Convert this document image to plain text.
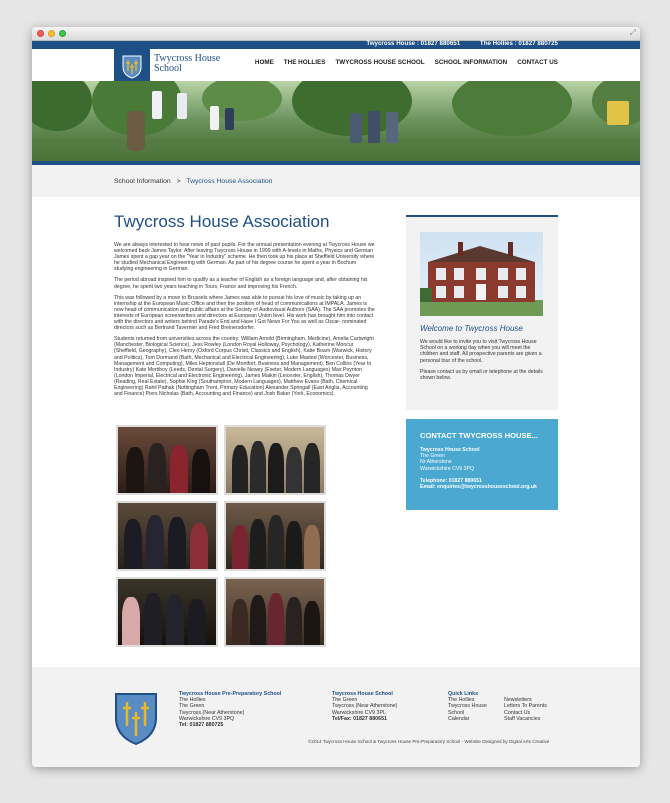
⤢
Twycross House : 01827 880651	The Hollies : 01827 880725
Twycross House
School
HOME THE HOLLIES TWYCROSS HOUSE SCHOOL SCHOOL INFORMATION CONTACT US
School Information > Twycross House Association
Twycross House Association

We are always interested to hear news of past pupils. For the annual presentation evening at Twycross House we welcomed back James Taylor. After leaving Twycross House in 1999 with A-levels in Maths, Physics and German James spent a gap year on the "Year in Industry" scheme. He then took up his place at Sheffield University where he studied Mechanical Engineering with German. As part of his degree course he spent a year in Bochum studying engineering in German.

The period abroad inspired him to qualify as a teacher of English as a foreign language and, after obtaining his degree, he spent two years teaching in Tours, France and improving his French.

This was followed by a move to Brussels where James was able to pursue his love of music by taking up an internship at the European Music Office and then the position of head of communications at IMPALA. James is now head of communication and public affairs at the Society of Audiovisual Authors (SAA). The SAA promotes the interests of European screenwriters and directors at European Union level. His work has brought him into contact with the directors and writers behind Parade's End and Have I Got News For You as well as Oscar- nominated directors such as Bertrand Tavernier and Fred Breinersdorfer.

Students returned from universities across the country; William Arnold (Birmingham, Medicine), Amelia Cartwright (Manchester, Biological Science), Jess Rowley (London Royal Holloway, Psychology), Katherine Moncur (Sheffield, Geography), Cleo Henry (Oxford Corpus Christi, Classics and English), Katie Boam (Warwick, History and Politics), Tom Dormand (Bath, Mechanical and Electrical Engineering), Luke Masted (Worcester, Business, Management and Computing), Miles Heptonstall (De Montfort, Business and Management), Ben Collins (Year In Industry) Kate Mortiboy (Leeds, Dental Surgery), Danielle Newey (Exeter, Modern Languages) Max Poynton (London Imperial, Electrical and Electronic Engineering), James Maikin (Leicester, English), Thomas Dwyer (Reading, Real Estate), Sophie King (Southampton, Modern Languages), Matthew Evans (Bath, Chemical Engineering) Rahil Pathak (Nottingham Trent, Primary Education) Alexander Springall (East Anglia, Accounting and Finance) Piers Nicholas (Bath, Accounting and Finance) and Josh Baker (York, Economics).

Welcome to Twycross House

We would like to invite you to visit Twycross House School on a working day when you will meet the children and staff. All prospective parents are given a personal tour of the school.

Please contact us by email or telephone at the details shown below.

CONTACT TWYCROSS HOUSE...
Twycross House School
The Green
Nr Atherstone
Warwickshire CV9 3PQ
Telephone: 01827 880651
Email: enquiries@twycrosshouseschool.org.uk
Twycross House Pre-Preparatory School
The Hollies
The Green
Twycross (Near Atherstone)
Warwickshire CV9 3PQ
Tel: 01827 880725
Twycross House School
The Green
Twycross (Near Atherstone)
Warwickshire CV9 3PL
Tel/Fax: 01827 880651
Quick Links
The Hollies
Twycross House
School
Calendar
Newsletters
Letters To Parents
Contact Us
Staff Vacancies
©2014 Twycross House School & Twycross House Pre-Preparatory School - Website Designed by Digital Arts Creative
